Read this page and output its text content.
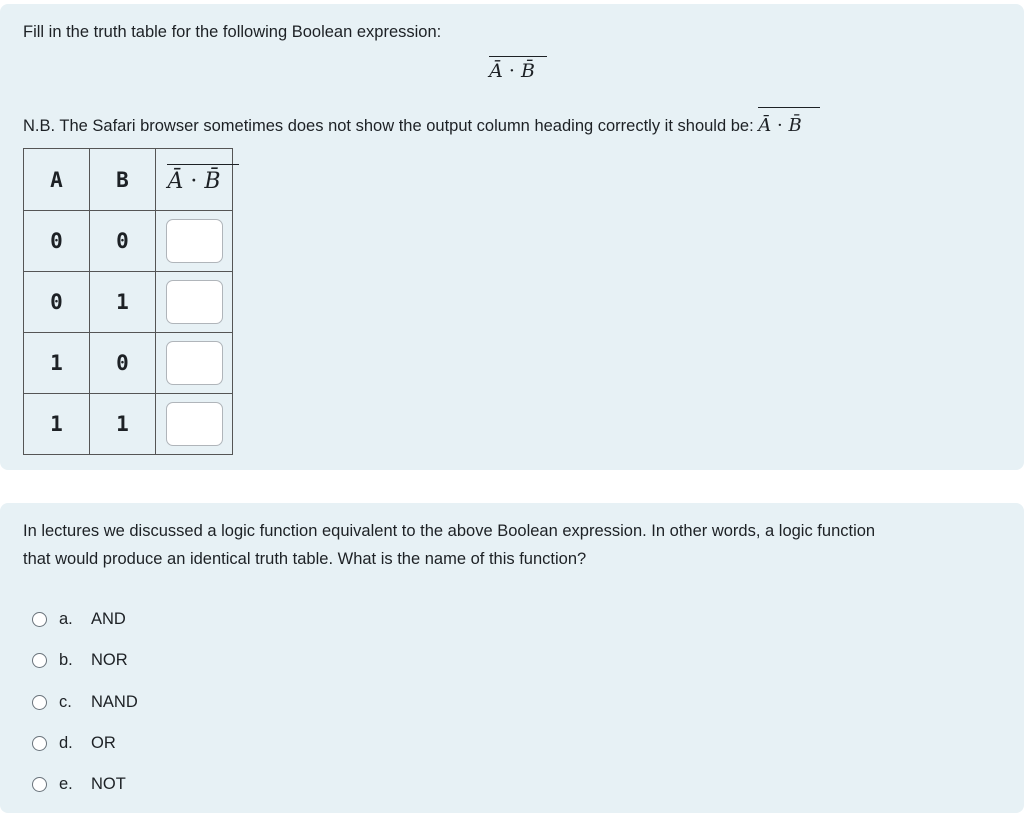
Fill in the truth table for the following Boolean expression:
Ā · B̄
N.B. The Safari browser sometimes does not show the output column heading correctly it should be: Ā · B̄
A	B	Ā · B̄
0	0	
0	1	
1	0	
1	1	
In lectures we discussed a logic function equivalent to the above Boolean expression. In other words, a logic function
that would produce an identical truth table. What is the name of this function?
a.	AND
b.	NOR
c.	NAND
d.	OR
e.	NOT
